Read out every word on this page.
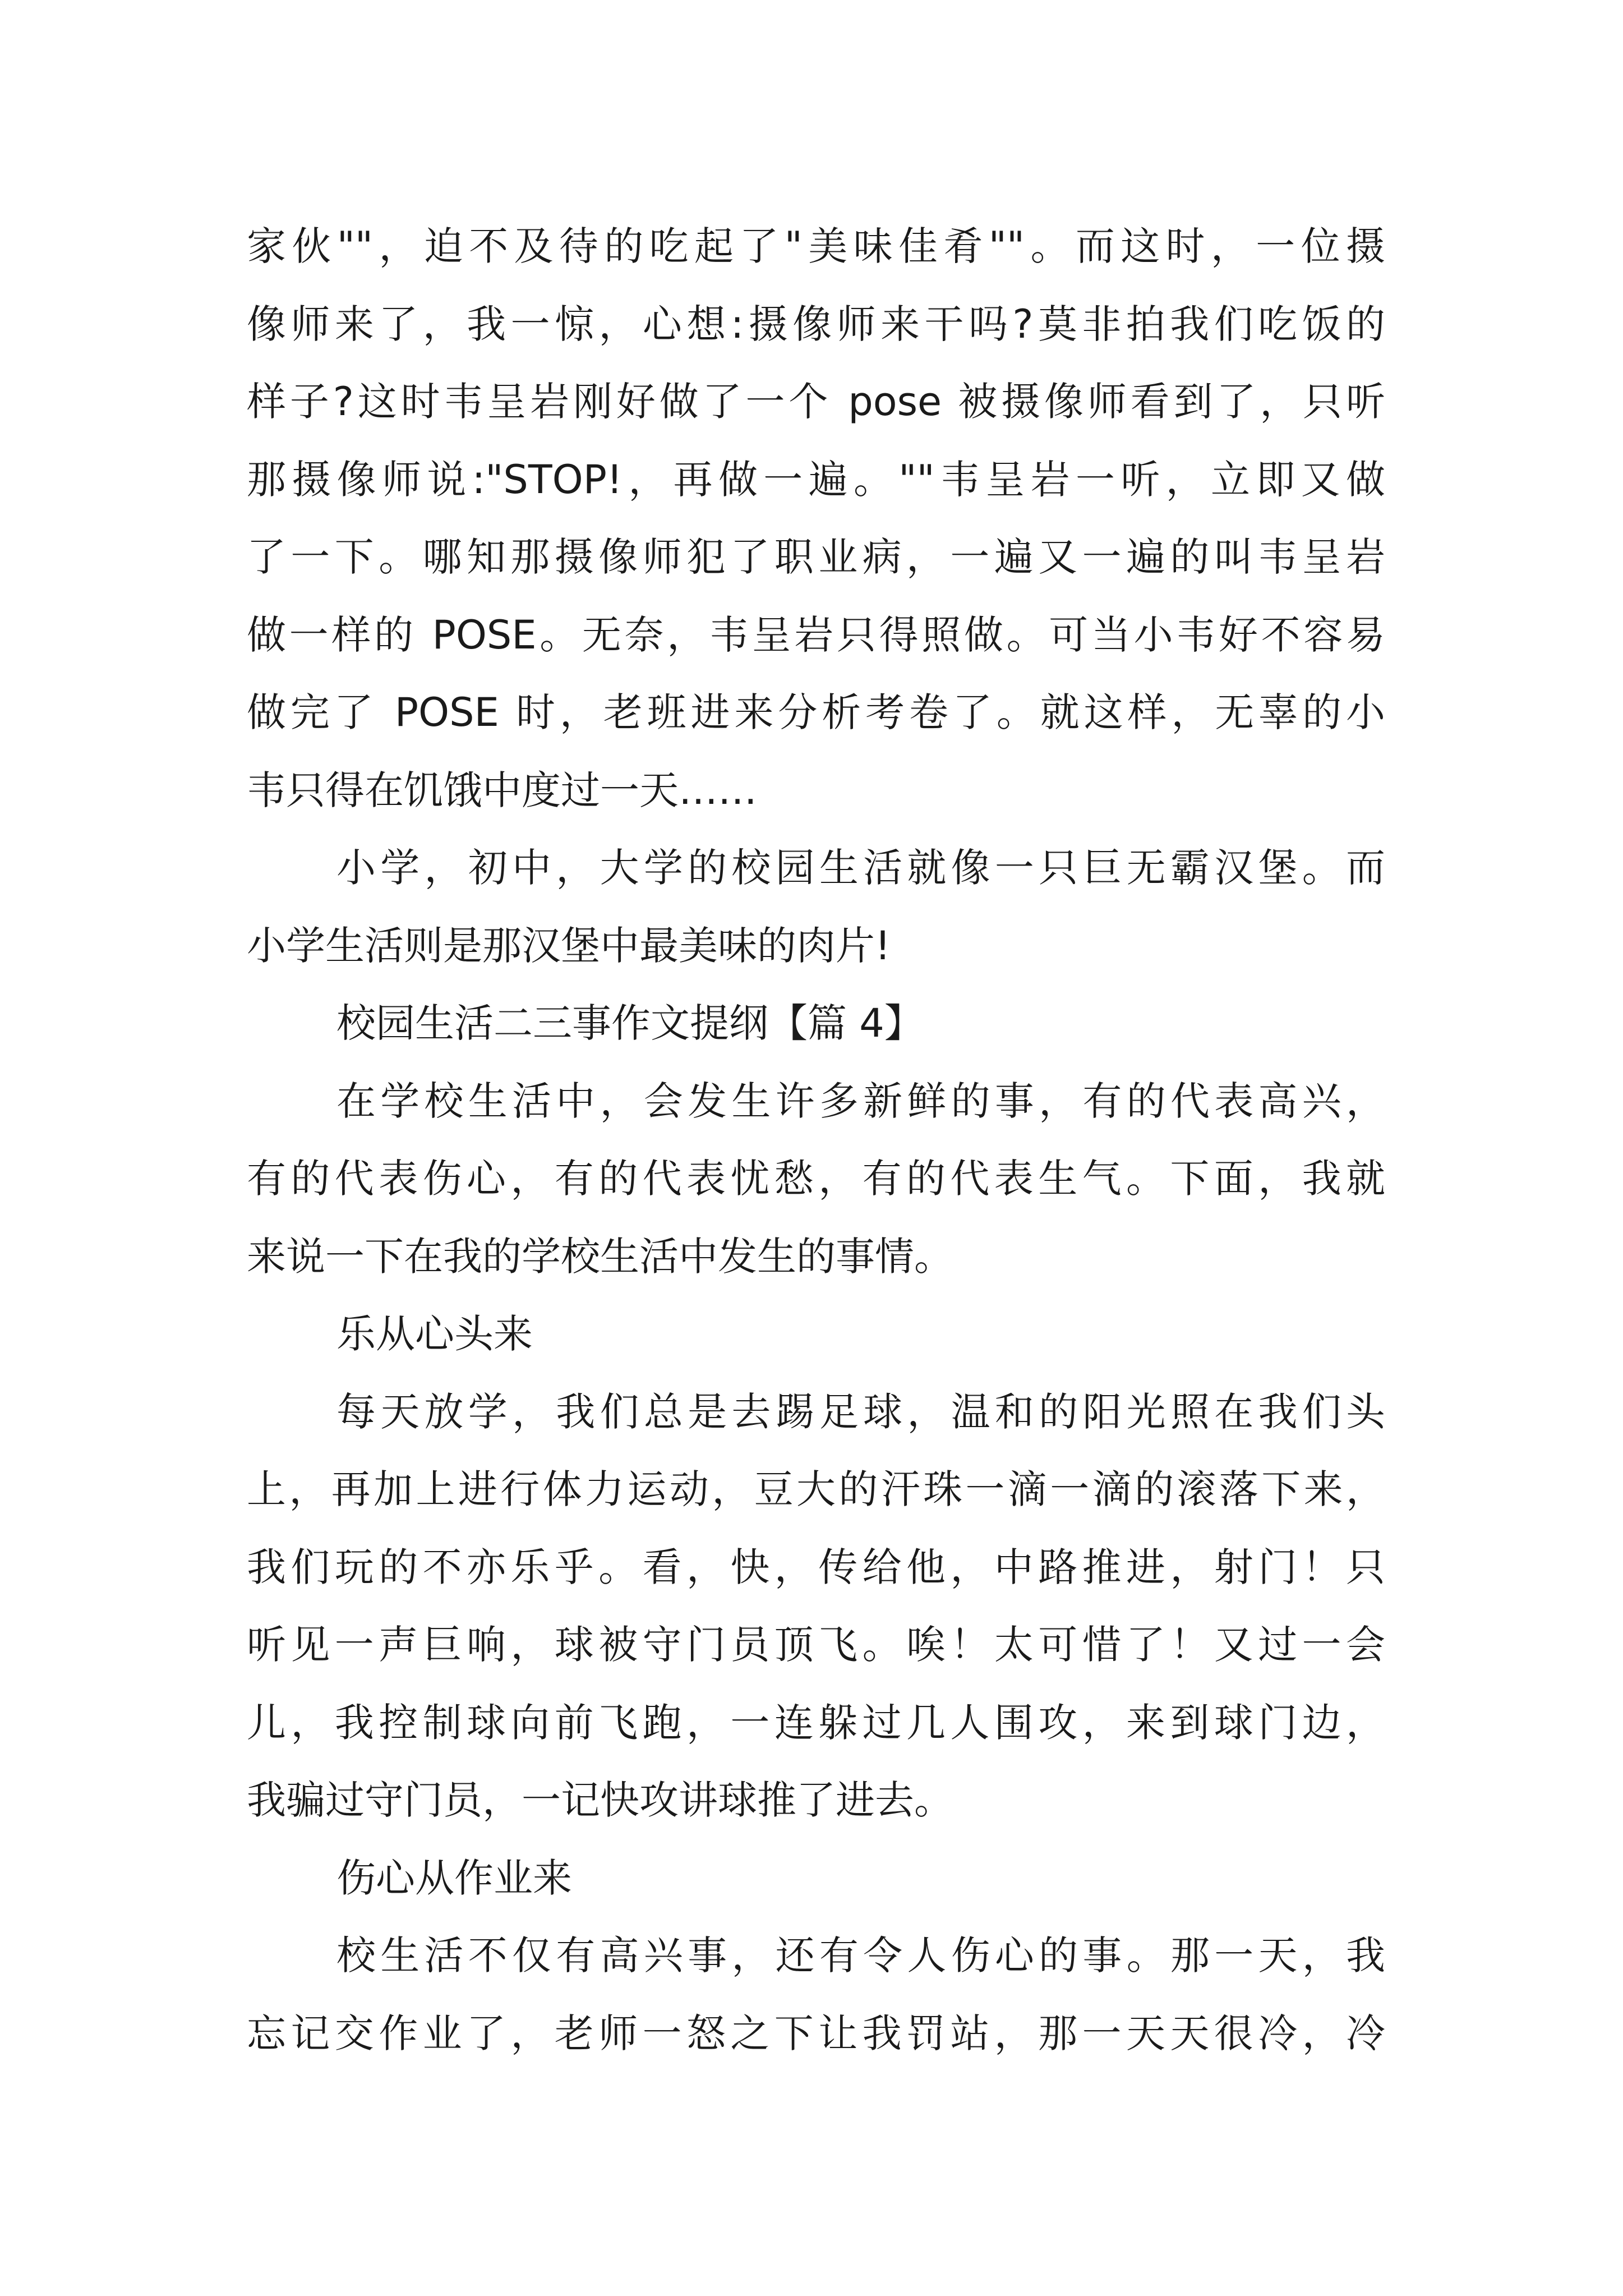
家伙""，迫不及待的吃起了"美味佳肴""。而这时，一位摄
像师来了，我一惊，心想:摄像师来干吗?莫非拍我们吃饭的
样子?这时韦呈岩刚好做了一个 pose 被摄像师看到了，只听
那摄像师说:"STOP!，再做一遍。""韦呈岩一听，立即又做
了一下。哪知那摄像师犯了职业病，一遍又一遍的叫韦呈岩
做一样的 POSE。无奈，韦呈岩只得照做。可当小韦好不容易
做完了 POSE 时，老班进来分析考卷了。就这样，无辜的小
韦只得在饥饿中度过一天……
小学，初中，大学的校园生活就像一只巨无霸汉堡。而
小学生活则是那汉堡中最美味的肉片!
校园生活二三事作文提纲【篇 4】
在学校生活中，会发生许多新鲜的事，有的代表高兴，
有的代表伤心，有的代表忧愁，有的代表生气。下面，我就
来说一下在我的学校生活中发生的事情。
乐从心头来
每天放学，我们总是去踢足球，温和的阳光照在我们头
上，再加上进行体力运动，豆大的汗珠一滴一滴的滚落下来，
我们玩的不亦乐乎。看，快，传给他，中路推进，射门！只
听见一声巨响，球被守门员顶飞。唉！太可惜了！又过一会
儿，我控制球向前飞跑，一连躲过几人围攻，来到球门边，
我骗过守门员，一记快攻讲球推了进去。
伤心从作业来
校生活不仅有高兴事，还有令人伤心的事。那一天，我
忘记交作业了，老师一怒之下让我罚站，那一天天很冷，冷
